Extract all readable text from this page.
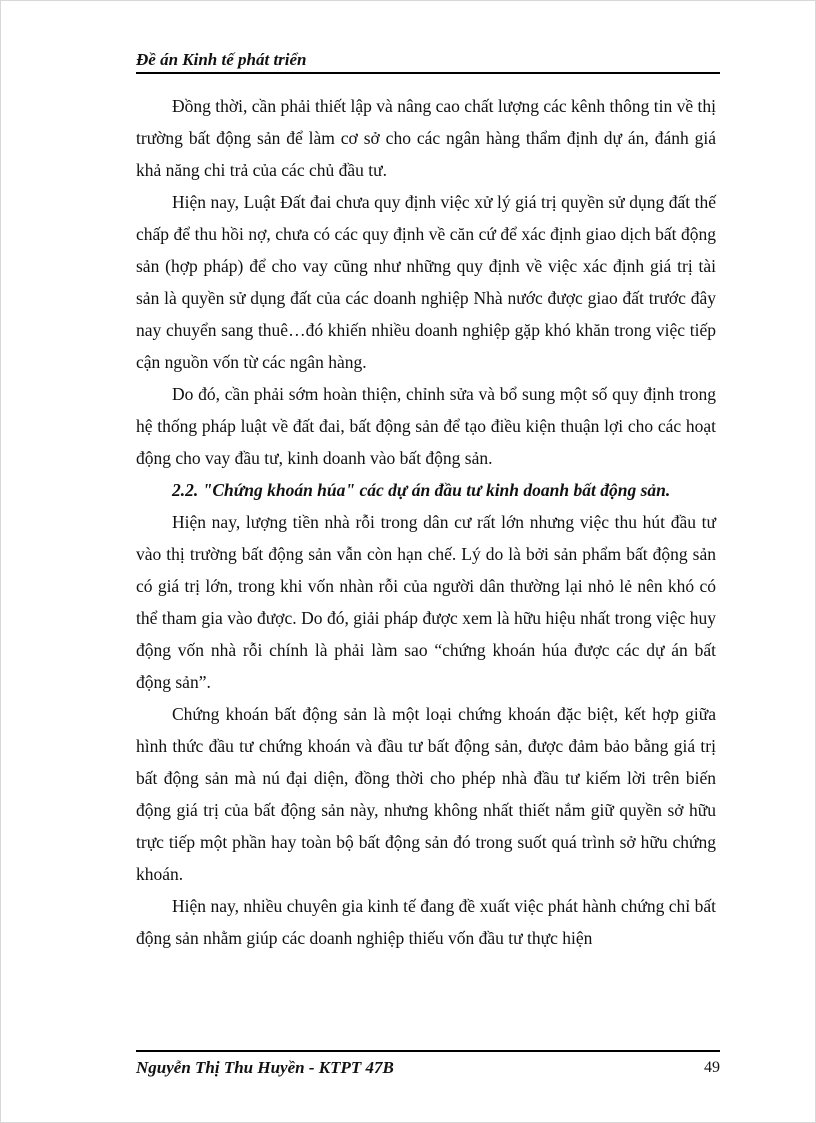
Đề án Kinh tế phát triển

Đồng thời, cần phải thiết lập và nâng cao chất lượng các kênh thông tin về thị trường bất động sản để làm cơ sở cho các ngân hàng thẩm định dự án, đánh giá khả năng chi trả của các chủ đầu tư.

Hiện nay, Luật Đất đai chưa quy định việc xử lý giá trị quyền sử dụng đất thế chấp để thu hồi nợ, chưa có các quy định về căn cứ để xác định giao dịch bất động sản (hợp pháp) để cho vay cũng như những quy định về việc xác định giá trị tài sản là quyền sử dụng đất của các doanh nghiệp Nhà nước được giao đất trước đây nay chuyển sang thuê…đó khiến nhiều doanh nghiệp gặp khó khăn trong việc tiếp cận nguồn vốn từ các ngân hàng.

Do đó, cần phải sớm hoàn thiện, chỉnh sửa và bổ sung một số quy định trong hệ thống pháp luật về đất đai, bất động sản để tạo điều kiện thuận lợi cho các hoạt động cho vay đầu tư, kinh doanh vào bất động sản.

2.2. "Chứng khoán húa" các dự án đầu tư kinh doanh bất động sản.

Hiện nay, lượng tiền nhà rỗi trong dân cư rất lớn nhưng việc thu hút đầu tư vào thị trường bất động sản vẫn còn hạn chế. Lý do là bởi sản phẩm bất động sản có giá trị lớn, trong khi vốn nhàn rỗi của người dân thường lại nhỏ lẻ nên khó có thể tham gia vào được. Do đó, giải pháp được xem là hữu hiệu nhất trong việc huy động vốn nhà rỗi chính là phải làm sao “chứng khoán húa được các dự án bất động sản”.

Chứng khoán bất động sản là một loại chứng khoán đặc biệt, kết hợp giữa hình thức đầu tư chứng khoán và đầu tư bất động sản, được đảm bảo bằng giá trị bất động sản mà nú đại diện, đồng thời cho phép nhà đầu tư kiếm lời trên biến động giá trị của bất động sản này, nhưng không nhất thiết nắm giữ quyền sở hữu trực tiếp một phần hay toàn bộ bất động sản đó trong suốt quá trình sở hữu chứng khoán.

Hiện nay, nhiều chuyên gia kinh tế đang đề xuất việc phát hành chứng chỉ bất động sản nhằm giúp các doanh nghiệp thiếu vốn đầu tư thực hiện

Nguyễn Thị Thu Huyền - KTPT 47B	49
